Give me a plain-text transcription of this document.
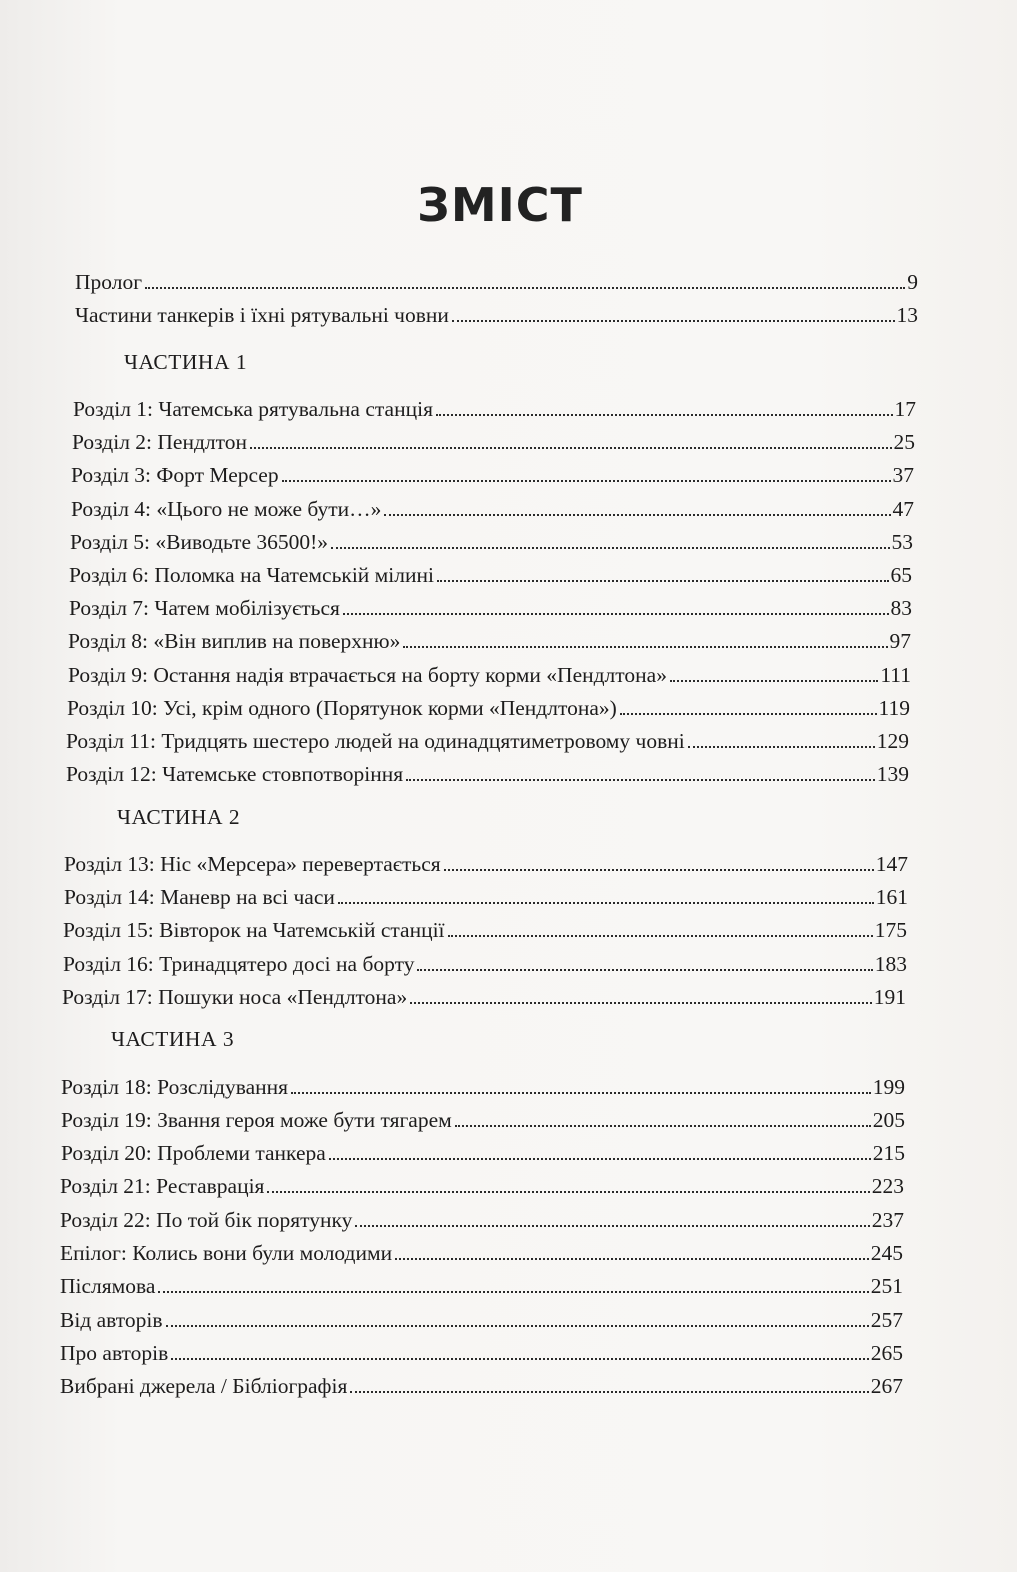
ЗМІСТ
Пролог	9
Частини танкерів і їхні рятувальні човни	13
ЧАСТИНА 1
Розділ 1: Чатемська рятувальна станція	17
Розділ 2: Пендлтон	25
Розділ 3: Форт Мерсер	37
Розділ 4: «Цього не може бути…»	47
Розділ 5: «Виводьте 36500!»	53
Розділ 6: Поломка на Чатемській мілині	65
Розділ 7: Чатем мобілізується	83
Розділ 8: «Він виплив на поверхню»	97
Розділ 9: Остання надія втрачається на борту корми «Пендлтона»	111
Розділ 10: Усі, крім одного (Порятунок корми «Пендлтона»)	119
Розділ 11: Тридцять шестеро людей на одинадцятиметровому човні	129
Розділ 12: Чатемське стовпотворіння	139
ЧАСТИНА 2
Розділ 13: Ніс «Мерсера» перевертається	147
Розділ 14: Маневр на всі часи	161
Розділ 15: Вівторок на Чатемській станції	175
Розділ 16: Тринадцятеро досі на борту	183
Розділ 17: Пошуки носа «Пендлтона»	191
ЧАСТИНА 3
Розділ 18: Розслідування	199
Розділ 19: Звання героя може бути тягарем	205
Розділ 20: Проблеми танкера	215
Розділ 21: Реставрація	223
Розділ 22: По той бік порятунку	237
Епілог: Колись вони були молодими	245
Післямова	251
Від авторів	257
Про авторів	265
Вибрані джерела / Бібліографія	267
